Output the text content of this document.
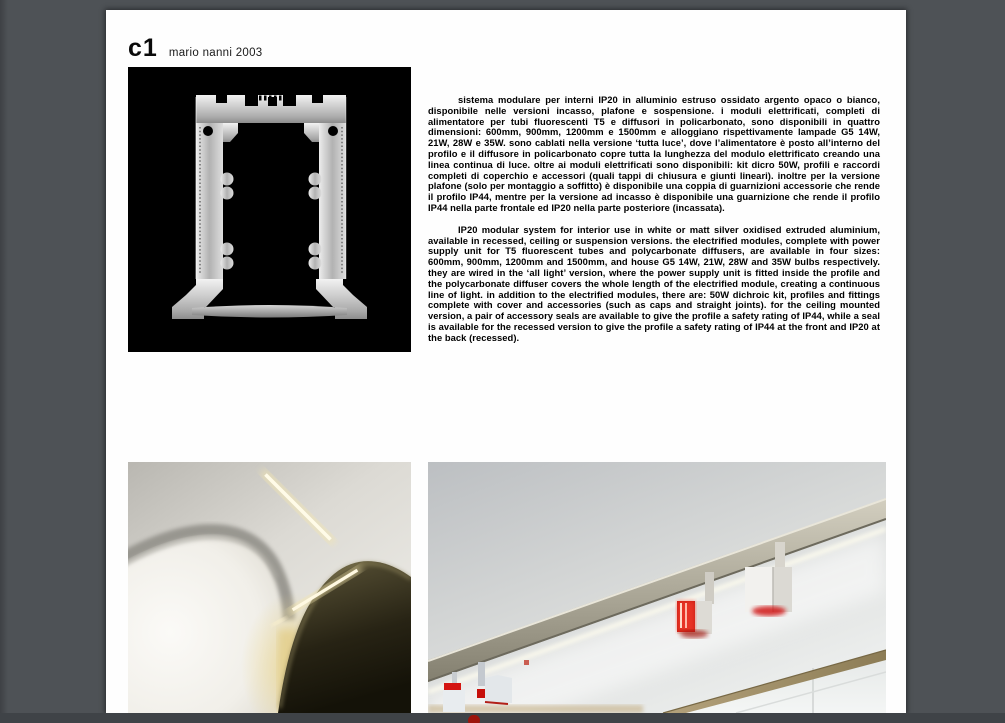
c1 mario nanni 2003

sistema modulare per interni IP20 in alluminio estruso ossidato argento opaco o bianco, disponibile nelle versioni incasso, plafone e sospensione. i moduli elettrificati, completi di alimentatore per tubi fluorescenti T5 e diffusori in policarbonato, sono disponibili in quattro dimensioni: 600mm, 900mm, 1200mm e 1500mm e alloggiano rispettivamente lampade G5 14W, 21W, 28W e 35W. sono cablati nella versione ‘tutta luce’, dove l’alimentatore è posto all’interno del profilo e il diffusore in policarbonato copre tutta la lunghezza del modulo elettrificato creando una linea continua di luce. oltre ai moduli elettrificati sono disponibili: kit dicro 50W, profili e raccordi completi di coperchio e accessori (quali tappi di chiusura e giunti lineari). inoltre per la versione plafone (solo per montaggio a soffitto) è disponibile una coppia di guarnizioni accessorie che rende il profilo IP44, mentre per la versione ad incasso è disponibile una guarnizione che rende il profilo IP44 nella parte frontale ed IP20 nella parte posteriore (incassata).

IP20 modular system for interior use in white or matt silver oxidised extruded aluminium, available in recessed, ceiling or suspension versions. the electrified modules, complete with power supply unit for T5 fluorescent tubes and polycarbonate diffusers, are available in four sizes: 600mm, 900mm, 1200mm and 1500mm, and house G5 14W, 21W, 28W and 35W bulbs respectively. they are wired in the ‘all light’ version, where the power supply unit is fitted inside the profile and the polycarbonate diffuser covers the whole length of the electrified module, creating a continuous line of light. in addition to the electrified modules, there are: 50W dichroic kit, profiles and fittings complete with cover and accessories (such as caps and straight joints). for the ceiling mounted version, a pair of accessory seals are available to give the profile a safety rating of IP44, while a seal is available for the recessed version to give the profile a safety rating of IP44 at the front and IP20 at the back (recessed).
